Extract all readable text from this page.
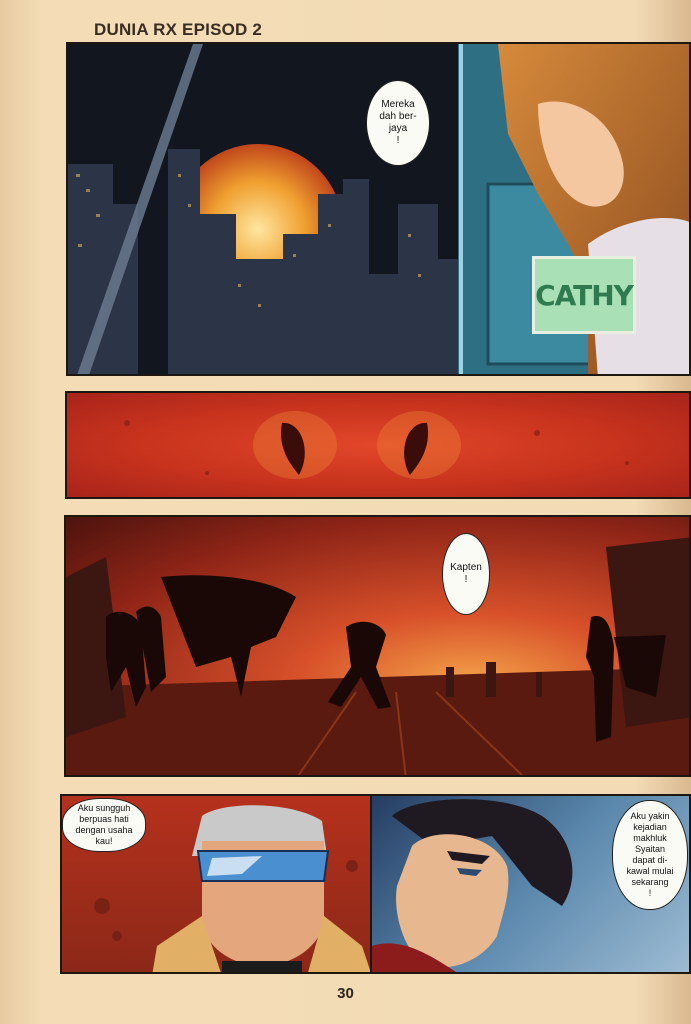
DUNIA RX EPISOD 2
CATHY
Mereka
dah ber-
jaya
!
Kapten
!
Aku sungguh
berpuas hati
dengan usaha
kau!
Aku yakin
kejadian
makhluk
Syaitan
dapat di-
kawal mulai
sekarang
!
30
